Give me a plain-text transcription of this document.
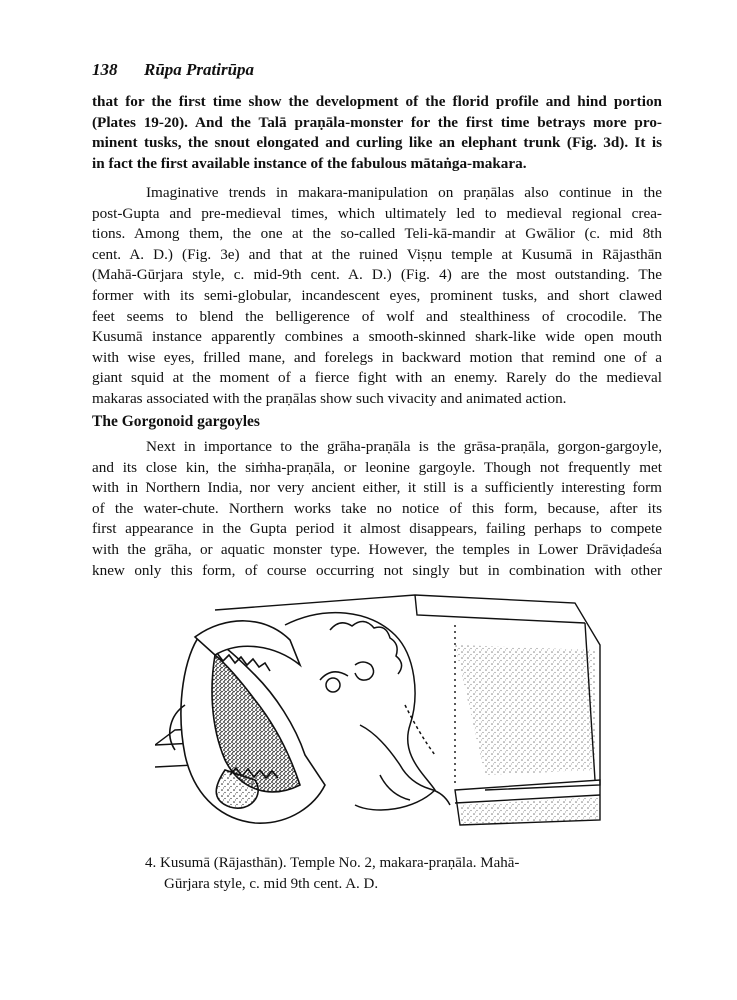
138 Rūpa Pratirūpa
that for the first time show the development of the florid profile and hind portion
(Plates 19-20). And the Talā praṇāla-monster for the first time betrays more pro-
minent tusks, the snout elongated and curling like an elephant trunk (Fig. 3d). It is
in fact the first available instance of the fabulous mātaṅga-makara.
Imaginative trends in makara-manipulation on praṇālas also continue in the
post-Gupta and pre-medieval times, which ultimately led to medieval regional crea-
tions. Among them, the one at the so-called Teli-kā-mandir at Gwālior (c. mid 8th
cent. A. D.) (Fig. 3e) and that at the ruined Viṣṇu temple at Kusumā in Rājasthān
(Mahā-Gūrjara style, c. mid-9th cent. A. D.) (Fig. 4) are the most outstanding. The
former with its semi-globular, incandescent eyes, prominent tusks, and short clawed
feet seems to blend the belligerence of wolf and stealthiness of crocodile. The
Kusumā instance apparently combines a smooth-skinned shark-like wide open mouth
with wise eyes, frilled mane, and forelegs in backward motion that remind one of a
giant squid at the moment of a fierce fight with an enemy. Rarely do the medieval
makaras associated with the praṇālas show such vivacity and animated action.
The Gorgonoid gargoyles
Next in importance to the grāha-praṇāla is the grāsa-praṇāla, gorgon-gargoyle,
and its close kin, the siṁha-praṇāla, or leonine gargoyle. Though not frequently met
with in Northern India, nor very ancient either, it still is a sufficiently interesting form
of the water-chute. Northern works take no notice of this form, because, after its
first appearance in the Gupta period it almost disappears, failing perhaps to compete
with the grāha, or aquatic monster type. However, the temples in Lower Drāviḍadeśa
knew only this form, of course occurring not singly but in combination with other
4. Kusumā (Rājasthān). Temple No. 2, makara-praṇāla. Mahā-
Gūrjara style, c. mid 9th cent. A. D.
